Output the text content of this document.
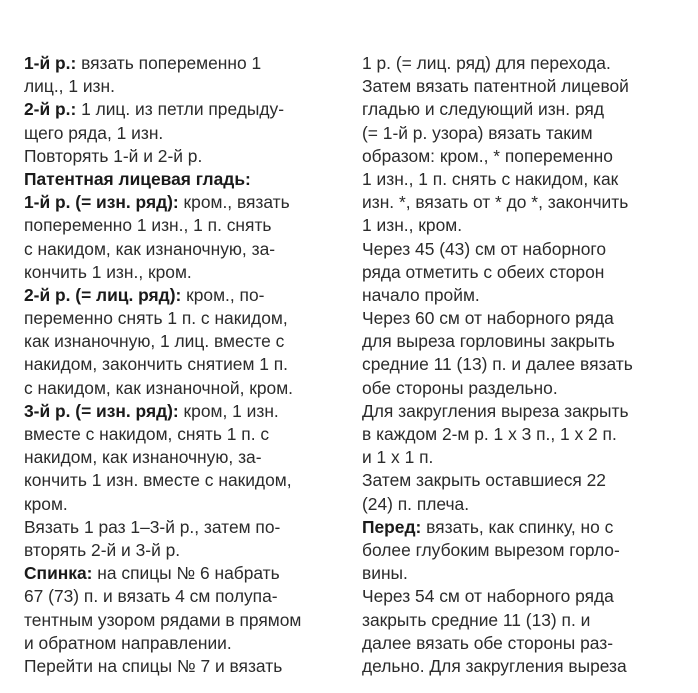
1-й р.: вязать попеременно 1
лиц., 1 изн.
2-й р.: 1 лиц. из петли предыду-
щего ряда, 1 изн.
Повторять 1-й и 2-й р.
Патентная лицевая гладь:
1-й р. (= изн. ряд): кром., вязать
попеременно 1 изн., 1 п. снять
с накидом, как изнаночную, за-
кончить 1 изн., кром.
2-й р. (= лиц. ряд): кром., по-
переменно снять 1 п. с накидом,
как изнаночную, 1 лиц. вместе с
накидом, закончить снятием 1 п.
с накидом, как изнаночной, кром.
3-й р. (= изн. ряд): кром, 1 изн.
вместе с накидом, снять 1 п. с
накидом, как изнаночную, за-
кончить 1 изн. вместе с накидом,
кром.
Вязать 1 раз 1–3-й р., затем по-
вторять 2-й и 3-й р.
Спинка: на спицы № 6 набрать
67 (73) п. и вязать 4 см полупа-
тентным узором рядами в прямом
и обратном направлении.
Перейти на спицы № 7 и вязать
1 р. (= лиц. ряд) для перехода.
Затем вязать патентной лицевой
гладью и следующий изн. ряд
(= 1-й р. узора) вязать таким
образом: кром., * попеременно
1 изн., 1 п. снять с накидом, как
изн. *, вязать от * до *, закончить
1 изн., кром.
Через 45 (43) см от наборного
ряда отметить с обеих сторон
начало пройм.
Через 60 см от наборного ряда
для выреза горловины закрыть
средние 11 (13) п. и далее вязать
обе стороны раздельно.
Для закругления выреза закрыть
в каждом 2-м р. 1 х 3 п., 1 х 2 п.
и 1 х 1 п.
Затем закрыть оставшиеся 22
(24) п. плеча.
Перед: вязать, как спинку, но с
более глубоким вырезом горло-
вины.
Через 54 см от наборного ряда
закрыть средние 11 (13) п. и
далее вязать обе стороны раз-
дельно. Для закругления выреза
